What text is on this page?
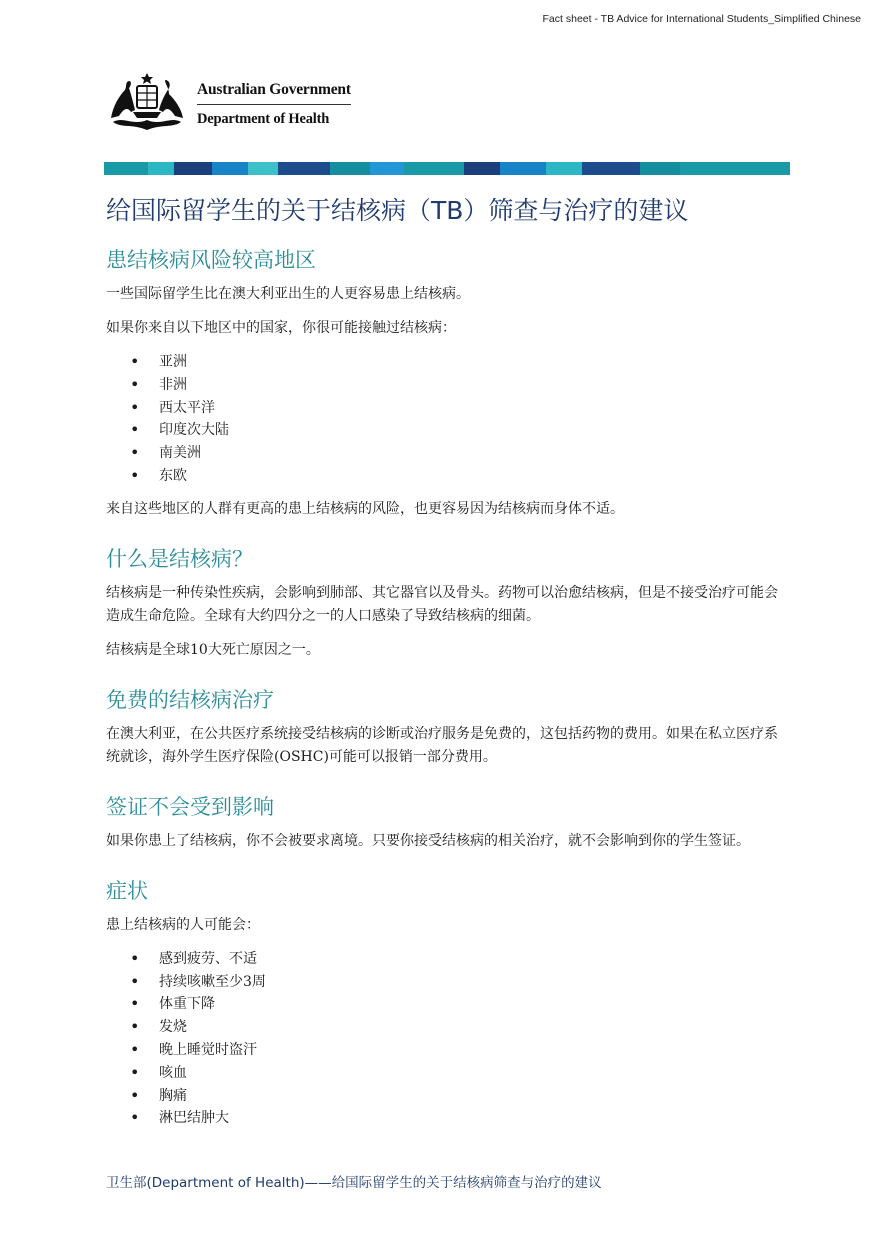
Fact sheet - TB Advice for International Students_Simplified Chinese
Australian Government
Department of Health
给国际留学生的关于结核病（TB）筛查与治疗的建议
患结核病风险较高地区

一些国际留学生比在澳大利亚出生的人更容易患上结核病。

如果你来自以下地区中的国家，你很可能接触过结核病：

• 亚洲
• 非洲
• 西太平洋
• 印度次大陆
• 南美洲
• 东欧

来自这些地区的人群有更高的患上结核病的风险，也更容易因为结核病而身体不适。

什么是结核病？

结核病是一种传染性疾病，会影响到肺部、其它器官以及骨头。药物可以治愈结核病，但是不接受治疗可能会造成生命危险。全球有大约四分之一的人口感染了导致结核病的细菌。

结核病是全球10大死亡原因之一。

免费的结核病治疗

在澳大利亚，在公共医疗系统接受结核病的诊断或治疗服务是免费的，这包括药物的费用。如果在私立医疗系统就诊，海外学生医疗保险(OSHC)可能可以报销一部分费用。

签证不会受到影响

如果你患上了结核病，你不会被要求离境。只要你接受结核病的相关治疗，就不会影响到你的学生签证。

症状

患上结核病的人可能会：

• 感到疲劳、不适
• 持续咳嗽至少3周
• 体重下降
• 发烧
• 晚上睡觉时盗汗
• 咳血
• 胸痛
• 淋巴结肿大
卫生部(Department of Health)——给国际留学生的关于结核病筛查与治疗的建议
